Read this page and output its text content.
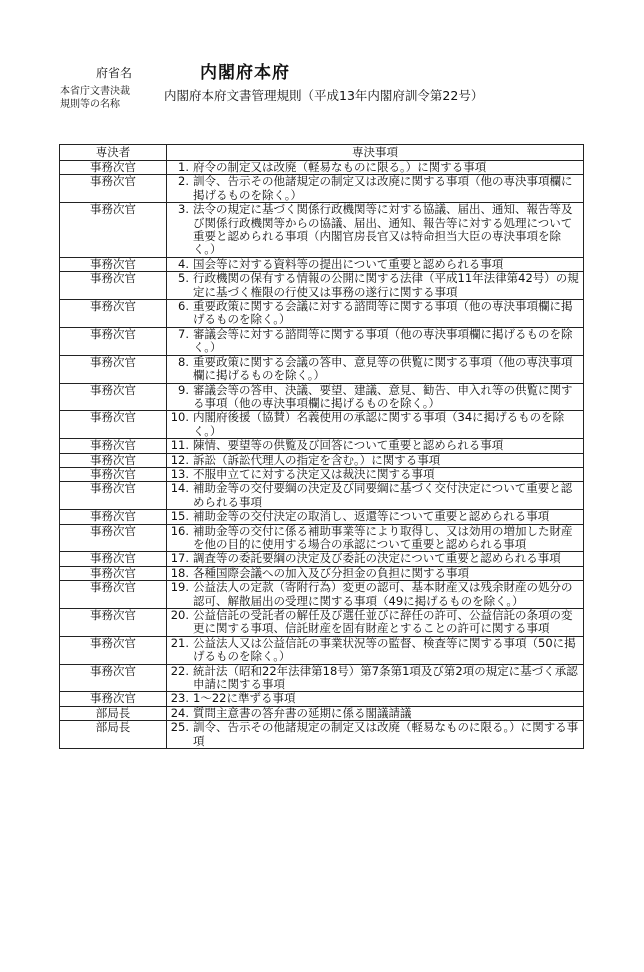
府省名	内閣府本府
本省庁文書決裁
規則等の名称
内閣府本府文書管理規則（平成13年内閣府訓令第22号）
専決者	専決事項
事務次官	1. 府令の制定又は改廃（軽易なものに限る。）に関する事項

事務次官	2. 訓令、告示その他諸規定の制定又は改廃に関する事項（他の専決事項欄に掲げるものを除く。）

事務次官	3. 法令の規定に基づく関係行政機関等に対する協議、届出、通知、報告等及び関係行政機関等からの協議、届出、通知、報告等に対する処理について重要と認められる事項（内閣官房長官又は特命担当大臣の専決事項を除く。）

事務次官	4. 国会等に対する資料等の提出について重要と認められる事項

事務次官	5. 行政機関の保有する情報の公開に関する法律（平成11年法律第42号）の規定に基づく権限の行使又は事務の遂行に関する事項

事務次官	6. 重要政策に関する会議に対する諮問等に関する事項（他の専決事項欄に掲げるものを除く。）

事務次官	7. 審議会等に対する諮問等に関する事項（他の専決事項欄に掲げるものを除く。）

事務次官	8. 重要政策に関する会議の答申、意見等の供覧に関する事項（他の専決事項欄に掲げるものを除く。）

事務次官	9. 審議会等の答申、決議、要望、建議、意見、勧告、申入れ等の供覧に関する事項（他の専決事項欄に掲げるものを除く。）

事務次官	10. 内閣府後援（協賛）名義使用の承認に関する事項（34に掲げるものを除く。）

事務次官	11. 陳情、要望等の供覧及び回答について重要と認められる事項

事務次官	12. 訴訟（訴訟代理人の指定を含む。）に関する事項

事務次官	13. 不服申立てに対する決定又は裁決に関する事項

事務次官	14. 補助金等の交付要綱の決定及び同要綱に基づく交付決定について重要と認められる事項

事務次官	15. 補助金等の交付決定の取消し、返還等について重要と認められる事項

事務次官	16. 補助金等の交付に係る補助事業等により取得し、又は効用の増加した財産を他の目的に使用する場合の承認について重要と認められる事項

事務次官	17. 調査等の委託要綱の決定及び委託の決定について重要と認められる事項

事務次官	18. 各種国際会議への加入及び分担金の負担に関する事項

事務次官	19. 公益法人の定款（寄附行為）変更の認可、基本財産又は残余財産の処分の認可、解散届出の受理に関する事項（49に掲げるものを除く。）

事務次官	20. 公益信託の受託者の解任及び選任並びに辞任の許可、公益信託の条項の変更に関する事項、信託財産を固有財産とすることの許可に関する事項

事務次官	21. 公益法人又は公益信託の事業状況等の監督、検査等に関する事項（50に掲げるものを除く。）

事務次官	22. 統計法（昭和22年法律第18号）第7条第1項及び第2項の規定に基づく承認申請に関する事項

事務次官	23. 1～22に準ずる事項

部局長	24. 質問主意書の答弁書の延期に係る閣議請議

部局長	25. 訓令、告示その他諸規定の制定又は改廃（軽易なものに限る。）に関する事項
